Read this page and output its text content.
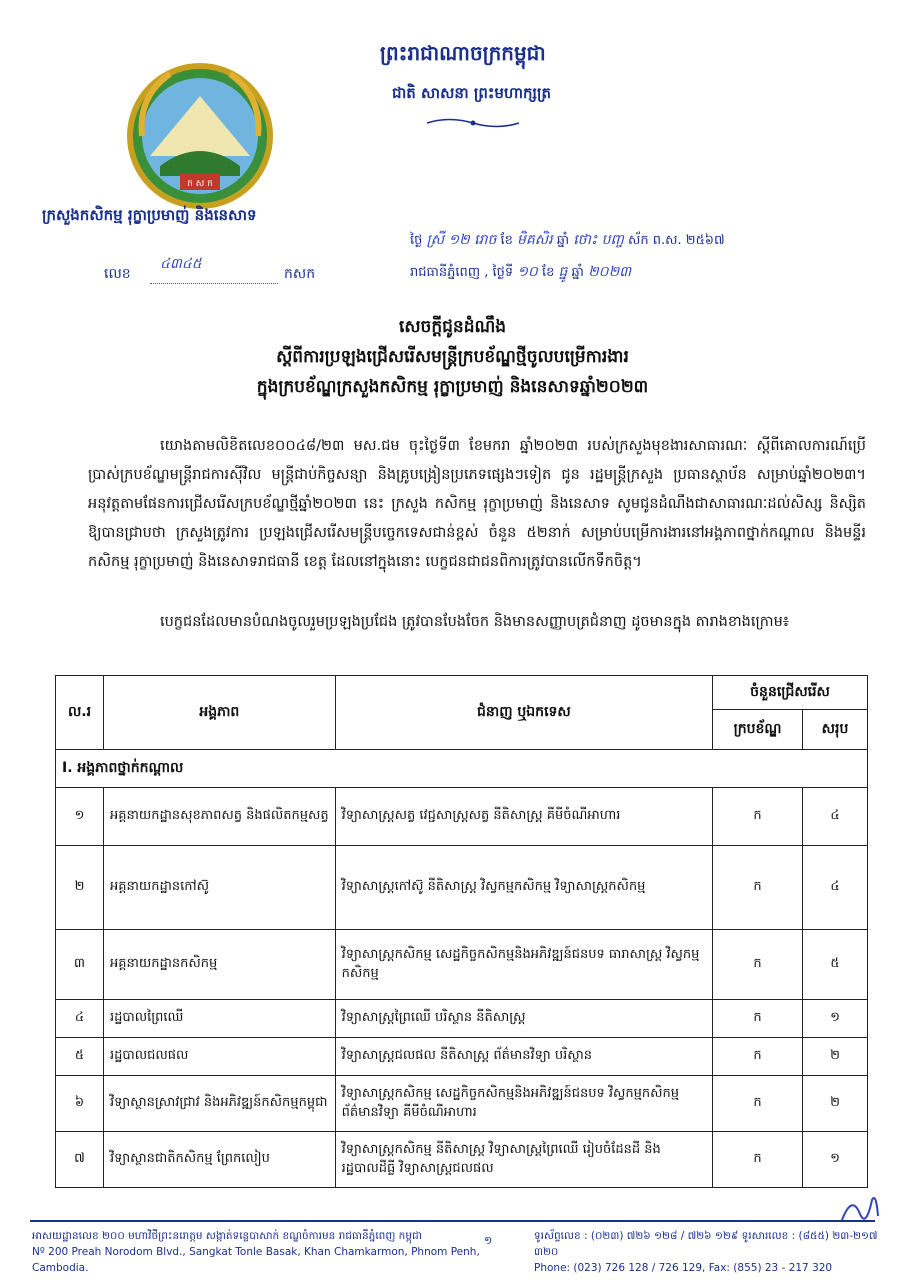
ព្រះរាជាណាចក្រកម្ពុជា
ជាតិ សាសនា ព្រះមហាក្សត្រ
ក ស ក
ក្រសួងកសិកម្ម រុក្ខាប្រមាញ់ និងនេសាទ
លេខ
៤៣៤៥
កសក
ថ្ងៃ ស្រី ១២ រោច ខែ មិគសិរ ឆ្នាំ ថោះ បញ្ច ស័ក ព.ស. ២៥៦៧
រាជធានីភ្នំពេញ , ថ្ងៃទី ១០ ខែ ធ្នូ ឆ្នាំ ២០២៣
សេចក្តីជូនដំណឹង
ស្តីពីការប្រឡងជ្រើសរើសមន្ត្រីក្របខ័ណ្ឌថ្មីចូលបម្រើការងារ
ក្នុងក្របខ័ណ្ឌក្រសួងកសិកម្ម រុក្ខាប្រមាញ់ និងនេសាទឆ្នាំ២០២៣
យោងតាមលិខិតលេខ០០៤៨/២៣ មស.ជម ចុះថ្ងៃទី៣ ខែមករា ឆ្នាំ២០២៣ របស់ក្រសួងមុខងារសាធារណៈ ស្តីពីគោលការណ៍ប្រើប្រាស់ក្របខ័ណ្ឌមន្ត្រីរាជការស៊ីវិល មន្ត្រីជាប់កិច្ចសន្យា និងគ្រូបង្រៀនប្រភេទផ្សេងៗទៀត ជូន រដ្ឋមន្ត្រីក្រសួង ប្រធានស្ថាប័ន សម្រាប់ឆ្នាំ២០២៣។ អនុវត្តតាមផែនការជ្រើសរើសក្របខ័ណ្ឌថ្មីឆ្នាំ២០២៣ នេះ ក្រសួង កសិកម្ម រុក្ខាប្រមាញ់ និងនេសាទ សូមជូនដំណឹងជាសាធារណៈដល់សិស្ស និស្សិត ឱ្យបានជ្រាបថា ក្រសួងត្រូវការ ប្រឡងជ្រើសរើសមន្ត្រីបច្ចេកទេសជាន់ខ្ពស់ ចំនួន ៥២នាក់ សម្រាប់បម្រើការងារនៅអង្គភាពថ្នាក់កណ្តាល និងមន្ទីរ កសិកម្ម រុក្ខាប្រមាញ់ និងនេសាទរាជធានី ខេត្ត ដែលនៅក្នុងនោះ បេក្ខជនជាជនពិការត្រូវបានលើកទឹកចិត្ត។
បេក្ខជនដែលមានបំណងចូលរួមប្រឡងប្រជែង ត្រូវបានបែងចែក និងមានសញ្ញាបត្រជំនាញ ដូចមានក្នុង តារាងខាងក្រោម៖
ល.រ	អង្គភាព	ជំនាញ ឬឯកទេស	ចំនួនជ្រើសរើស	
			ក្របខ័ណ្ឌ	សរុប
I. អង្គភាពថ្នាក់កណ្តាល				
១	អគ្គនាយកដ្ឋានសុខភាពសត្វ និងផលិតកម្មសត្វ	វិទ្យាសាស្ត្រសត្វ វេជ្ជសាស្ត្រសត្វ នីតិសាស្ត្រ គីមីចំណីអាហារ	ក	៤
២	អគ្គនាយកដ្ឋានកៅស៊ូ	វិទ្យាសាស្ត្រកៅស៊ូ នីតិសាស្ត្រ វិស្វកម្មកសិកម្ម វិទ្យាសាស្ត្រកសិកម្ម	ក	៤
៣	អគ្គនាយកដ្ឋានកសិកម្ម	វិទ្យាសាស្ត្រកសិកម្ម សេដ្ឋកិច្ចកសិកម្មនិងអភិវឌ្ឍន៍ជនបទ ធារាសាស្ត្រ វិស្វកម្មកសិកម្ម	ក	៥
៤	រដ្ឋបាលព្រៃឈើ	វិទ្យាសាស្ត្រព្រៃឈើ បរិស្ថាន នីតិសាស្ត្រ	ក	១
៥	រដ្ឋបាលជលផល	វិទ្យាសាស្ត្រជលផល នីតិសាស្ត្រ ព័ត៌មានវិទ្យា បរិស្ថាន	ក	២
៦	វិទ្យាស្ថានស្រាវជ្រាវ និងអភិវឌ្ឍន៍កសិកម្មកម្ពុជា	វិទ្យាសាស្ត្រកសិកម្ម សេដ្ឋកិច្ចកសិកម្មនិងអភិវឌ្ឍន៍ជនបទ វិស្វកម្មកសិកម្ម ព័ត៌មានវិទ្យា គីមីចំណីអាហារ	ក	២
៧	វិទ្យាស្ថានជាតិកសិកម្ម ព្រែកលៀប	វិទ្យាសាស្ត្រកសិកម្ម នីតិសាស្ត្រ វិទ្យាសាស្ត្រព្រៃឈើ រៀបចំដែនដី និងរដ្ឋបាលដីធ្លី វិទ្យាសាស្ត្រជលផល	ក	១
អាសយដ្ឋានលេខ ២០០ មហាវិថីព្រះនរោត្តម សង្កាត់ទន្លេបាសាក់ ខណ្ឌចំការមន រាជធានីភ្នំពេញ កម្ពុជា
Nº 200 Preah Norodom Blvd., Sangkat Tonle Basak, Khan Chamkarmon, Phnom Penh, Cambodia.
១	ទូរស័ព្ទលេខ : (០២៣) ៧២៦ ១២៨ / ៧២៦ ១២៩ ទូរសារលេខ : (៨៥៥) ២៣-២១៧ ៣២០
Phone: (023) 726 128 / 726 129, Fax: (855) 23 - 217 320
